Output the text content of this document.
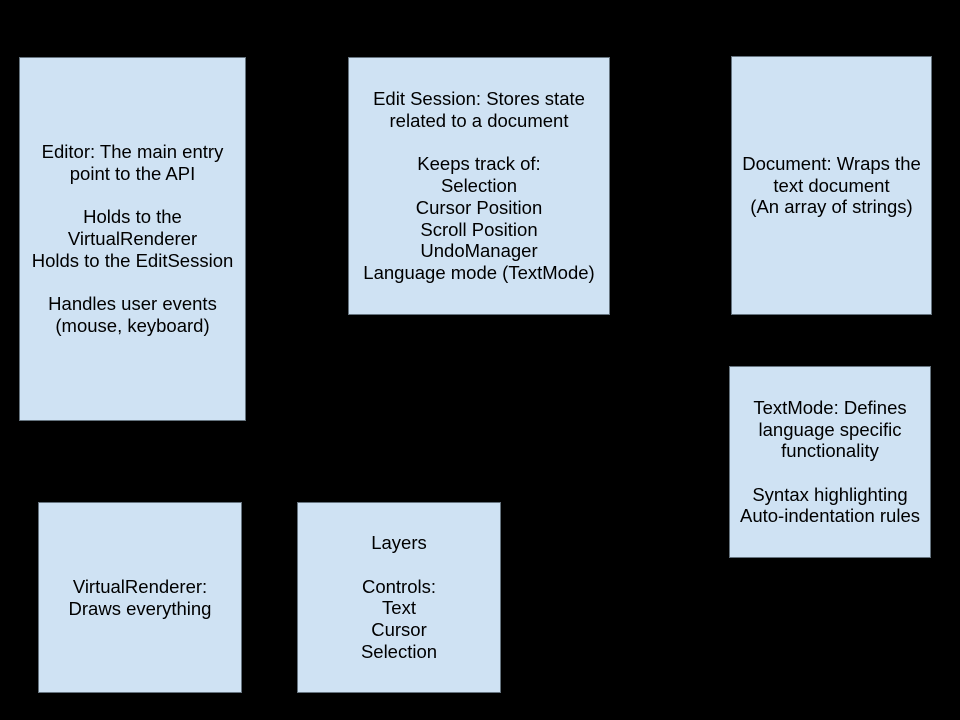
Editor: The main entry
point to the API
Holds to the
VirtualRenderer
Holds to the EditSession
Handles user events
(mouse, keyboard)
Edit Session: Stores state
related to a document
Keeps track of:
Selection
Cursor Position
Scroll Position
UndoManager
Language mode (TextMode)
Document: Wraps the
text document
(An array of strings)
TextMode: Defines
language specific
functionality
Syntax highlighting
Auto-indentation rules
VirtualRenderer:
Draws everything
Layers
Controls:
Text
Cursor
Selection
